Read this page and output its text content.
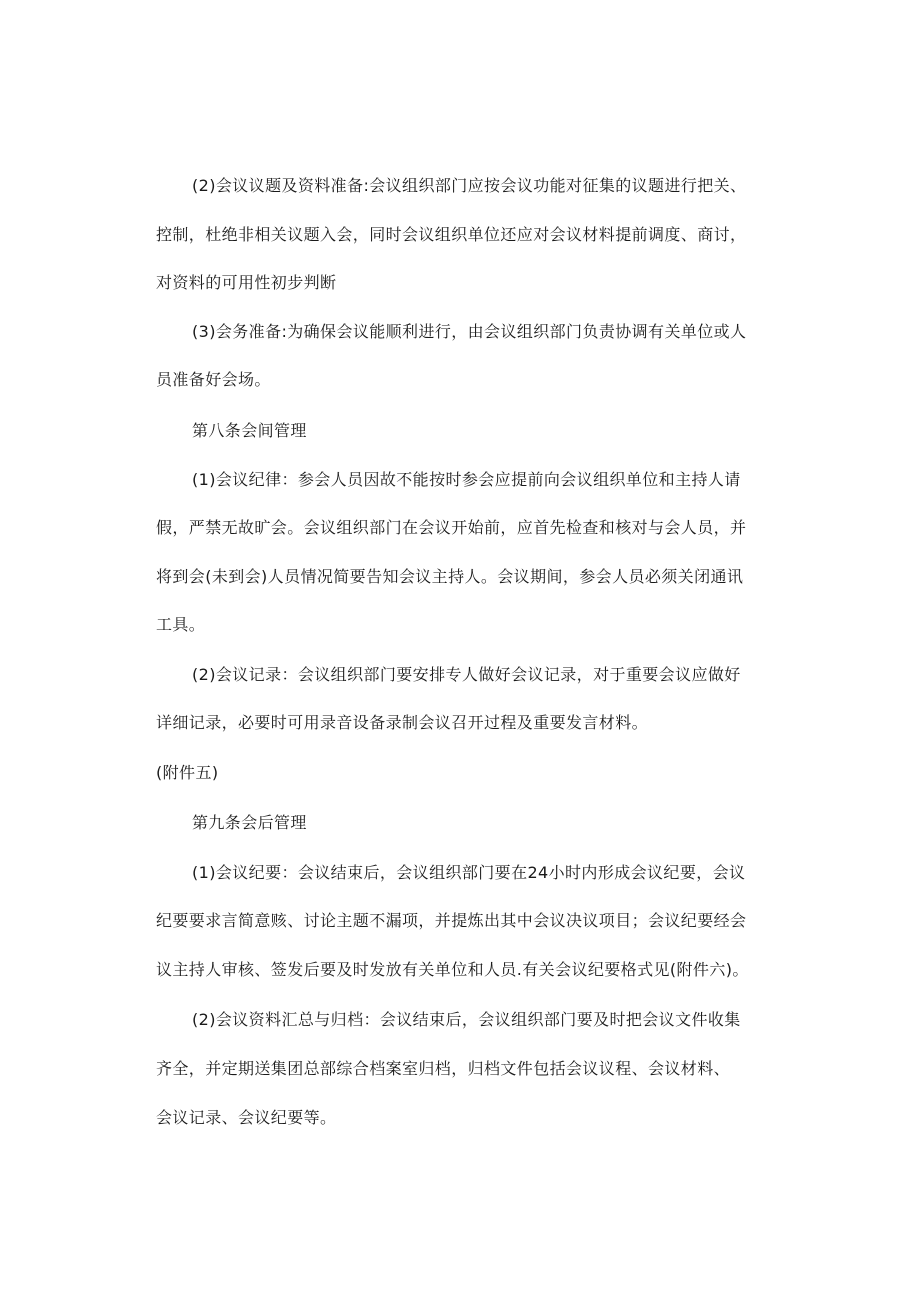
(2)会议议题及资料准备:会议组织部门应按会议功能对征集的议题进行把关、
控制，杜绝非相关议题入会，同时会议组织单位还应对会议材料提前调度、商讨，
对资料的可用性初步判断
(3)会务准备:为确保会议能顺利进行，由会议组织部门负责协调有关单位或人
员准备好会场。
第八条会间管理
(1)会议纪律：参会人员因故不能按时参会应提前向会议组织单位和主持人请
假，严禁无故旷会。会议组织部门在会议开始前，应首先检查和核对与会人员，并
将到会(未到会)人员情况简要告知会议主持人。会议期间，参会人员必须关闭通讯
工具。
(2)会议记录：会议组织部门要安排专人做好会议记录，对于重要会议应做好
详细记录，必要时可用录音设备录制会议召开过程及重要发言材料。
(附件五)
第九条会后管理
(1)会议纪要：会议结束后，会议组织部门要在24小时内形成会议纪要，会议
纪要要求言简意赅、讨论主题不漏项，并提炼出其中会议决议项目；会议纪要经会
议主持人审核、签发后要及时发放有关单位和人员.有关会议纪要格式见(附件六)。
(2)会议资料汇总与归档：会议结束后，会议组织部门要及时把会议文件收集
齐全，并定期送集团总部综合档案室归档，归档文件包括会议议程、会议材料、
会议记录、会议纪要等。
